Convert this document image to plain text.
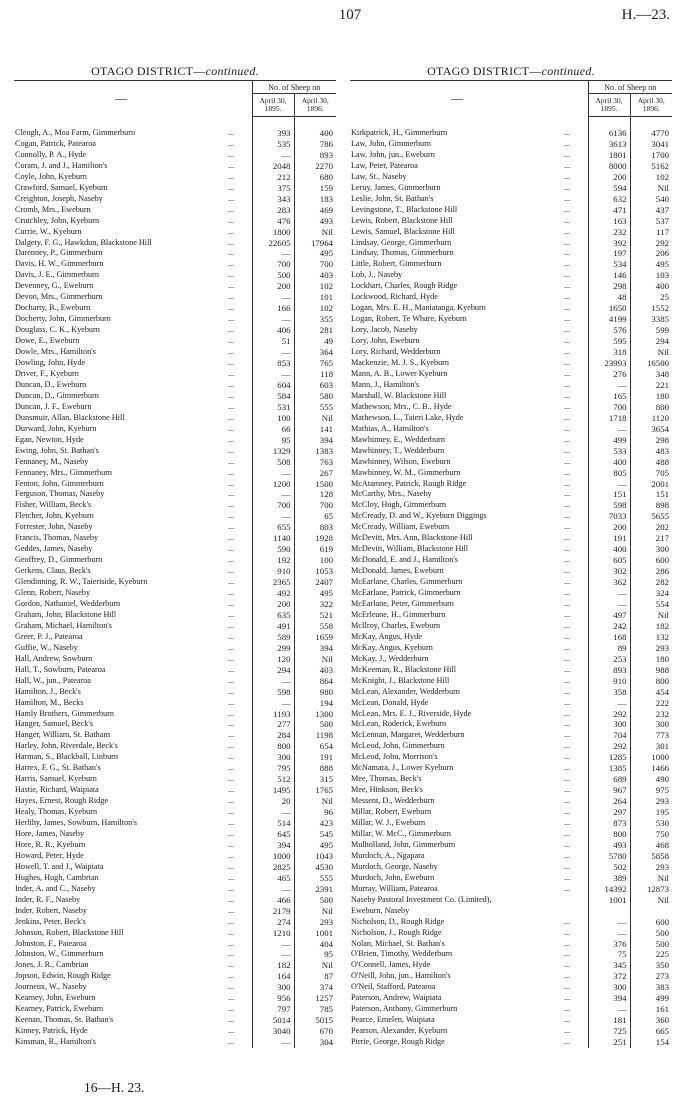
107	H.—23.
OTAGO DISTRICT—continued.
—		No. of Sheep on	
		April 30, 1895.	April 30, 1896.

Cleugh, A., Moa Farm, Gimmerburn	...	393	400
Cogan, Patrick, Patearoa	...	535	786
Connolly, P. A., Hyde	...	—	893
Coram, J. and J., Hamilton's	...	2048	2270
Coyle, John, Kyeburn	...	212	680
Crawford, Samuel, Kyeburn	...	375	159
Creighton, Joseph, Naseby	...	343	183
Cromb, Mrs., Eweburn	...	283	469
Crutchley, John, Kyeburn	...	476	493
Currie, W., Kyeburn	...	1800	Nil
Dalgety, F. G., Hawkdun, Blackstone Hill	...	22605	17964
Darenney, P., Gimmerburn	...	—	495
Davis, H. W., Gimmerburn	...	700	700
Davis, J. E., Gimmerburn	...	500	403
Devenney, G., Eweburn	...	200	102
Devon, Mrs., Gimmerburn	...	—	101
Docharty, B., Eweburn	...	166	102
Docherty, John, Gimmerburn	...	—	355
Douglass, C. K., Kyeburn	...	406	281
Dowe, E., Eweburn	...	51	49
Dowle, Mrs., Hamilton's	...	—	364
Dowling, John, Hyde	...	853	765
Driver, F., Kyeburn	...	—	118
Duncan, D., Eweburn	...	604	603
Duncan, D., Gimmerburn	...	584	580
Duncan, J. F., Eweburn	...	531	555
Dunsmuir, Allan, Blackstone Hill	...	100	Nil
Durward, John, Kyeburn	...	66	141
Egan, Newton, Hyde	...	95	394
Ewing, John, St. Bathan's	...	1329	1383
Fennaney, M., Naseby	...	508	763
Fennaney, Mrs., Gimmerburn	...	—	267
Fenton, John, Gimmerburn	...	1200	1500
Ferguson, Thomas, Naseby	...	—	128
Fisher, William, Beck's	...	700	700
Fletcher, John, Kyeburn	...	—	65
Forrester, John, Naseby	...	655	803
Francis, Thomas, Naseby	...	1140	1928
Geddes, James, Naseby	...	590	619
Geoffrey, D., Gimmerburn	...	192	100
Gerkens, Claus, Beck's	...	910	1053
Glendinning, R. W., Taieriside, Kyeburn	...	2365	2407
Glenn, Robert, Naseby	...	492	495
Gordon, Nathaniel, Wedderburn	...	200	322
Graham, John, Blackstone Hill	...	635	521
Graham, Michael, Hamilton's	...	491	558
Greer, P. J., Patearoa	...	589	1659
Guffie, W., Naseby	...	299	394
Hall, Andrew, Sowburn	...	120	Nil
Hall, T., Sowburn, Patearoa	...	294	403
Hall, W., jun., Patearoa	...	—	864
Hamilton, J., Beck's	...	598	980
Hamilton, M., Becks	...	—	194
Hamly Brothers, Gimmerburn	...	1193	1300
Hanger, Samuel, Beck's	...	277	500
Hanger, William, St. Bathans	...	284	1198
Harley, John, Riverdale, Beck's	...	800	654
Harman, S., Blackball, Linburn	...	300	191
Harrex, F. G., St. Bathan's	...	795	888
Harris, Samuel, Kyeburn	...	512	315
Hastie, Richard, Waipiata	...	1495	1765
Hayes, Ernest, Rough Ridge	...	20	Nil
Healy, Thomas, Kyeburn	...	—	96
Herlihy, James, Sowburn, Hamilton's	...	514	423
Hore, James, Naseby	...	645	545
Hore, R. R., Kyeburn	...	394	495
Howard, Peter, Hyde	...	1000	1043
Howell, T. and J., Waipiata	...	2825	4530
Hughes, Hugh, Cambrian	...	465	555
Inder, A. and C., Naseby	...	—	2391
Inder, R. F., Naseby	...	466	500
Inder, Robert, Naseby	...	2179	Nil
Jenkins, Peter, Beck's	...	274	293
Johnson, Robert, Blackstone Hill	...	1210	1001
Johnston, F., Patearoa	...	—	404
Johnston, W., Gimmerburn	...	—	95
Jones, J. R., Cambrian	...	182	Nil
Jopson, Edwin, Rough Ridge	...	164	87
Journeux, W., Naseby	...	300	374
Kearney, John, Eweburn	...	956	1257
Kearney, Patrick, Eweburn	...	797	785
Keenan, Thomas, St. Bathan's	...	5014	5015
Kinney, Patrick, Hyde	...	3040	670
Kinsman, R., Hamilton's	...	—	304
OTAGO DISTRICT—continued.
—		No. of Sheep on	
		April 30, 1895.	April 30, 1896.

Kirkpatrick, H., Gimmerburn	...	6136	4770
Law, John, Gimmerburn	...	3613	3041
Law, John, jun., Eweburn	...	1801	1700
Law, Peter, Patearoa	...	8000	5162
Law, St., Naseby	...	200	102
Leruy, James, Gimmerburn	...	594	Nil
Leslie, John, St. Bathan's	...	632	540
Levingstone, T., Blackstone Hill	...	471	437
Lewis, Robert, Blackstone Hill	...	163	537
Lewis, Samuel, Blackstone Hill	...	232	117
Lindsay, George, Gimmerburn	...	392	292
Lindsay, Thomas, Gimmerburn	...	197	206
Little, Robert, Gimmerburn	...	534	495
Lob, J., Naseby	...	146	103
Lockhart, Charles, Rough Ridge	...	298	400
Lockwood, Richard, Hyde	...	48	25
Logan, Mrs. E. H., Maniatanga, Kyeburn	...	1650	1552
Logan, Robert, Te Whare, Kyeburn	...	4199	3385
Lory, Jacob, Naseby	...	576	599
Lory, John, Eweburn	...	595	294
Lory, Richard, Wedderburn	...	318	Nil
Mackenzie, M. J. S., Kyeburn	...	23993	16500
Mann, A. B., Lower Kyeburn	...	276	348
Mann, J., Hamilton's	...	—	221
Marshall, W. Blackstone Hill	...	165	180
Mathewson, Mrs., C. B., Hyde	...	700	800
Mathewson, L., Taieri Lake, Hyde	...	1718	1120
Mathias, A., Hamilton's	...	—	3654
Mawhinney, E., Wedderburn	...	499	298
Mawhinney, T., Wedderburn	...	533	483
Mawhinney, Wilson, Eweburn	...	400	488
Mawhinney, W. M., Gimmerburn	...	805	705
McAtamney, Patrick, Rough Ridge	...	—	2001
McCarthy, Mrs., Naseby	...	151	151
McCloy, Hugh, Gimmerburn	...	598	898
McCready, D. and W., Kyeburn Diggings	...	7033	5655
McCready, William, Eweburn	...	200	202
McDevitt, Mrs. Ann, Blackstone Hill	...	191	217
McDevitt, William, Blackstone Hill	...	400	300
McDonald, E. and J., Hamilton's	...	605	600
McDonald, James, Eweburn	...	302	286
McEarlane, Charles, Gimmerburn	...	362	282
McEarlane, Patrick, Gimmerburn	...	—	324
McEarlane, Peter, Gimmerburn	...	—	554
McErleane, H., Gimmerburn	...	497	Nil
McIlroy, Charles, Eweburn	...	242	182
McKay, Angus, Hyde	...	168	132
McKay, Angus, Kyeburn	...	89	293
McKay, J., Wedderburn	...	253	180
McKeeman, R., Blackstone Hill	...	893	988
McKnight, J., Blackstone Hill	...	910	800
McLean, Alexander, Wedderburn	...	358	454
McLean, Donald, Hyde	...	—	222
McLean, Mrs. E. J., Riverside, Hyde	...	292	232
McLean, Roderick, Eweburn	...	300	300
McLennan, Margaret, Wedderburn	...	704	773
McLeod, John, Gimmerburn	...	292	301
McLeod, John, Morrison's	...	1285	1000
McNamara, J., Lower Kyeburn	...	1385	1466
Mee, Thomas, Beck's	...	689	490
Mee, Hinkson, Beck's	...	967	975
Messent, D., Wedderburn	...	264	293
Millar, Robert, Eweburn	...	297	195
Millar, W. J., Eweburn	...	873	530
Millar, W. McC., Gimmerburn	...	800	750
Mulholland, John, Gimmerburn	...	493	468
Murdoch, A., Ngapara	...	5780	5858
Murdoch, George, Naseby	...	502	293
Murdoch, John, Eweburn	...	389	Nil
Murray, William, Patearoa	...	14392	12873
Naseby Pastoral Investment Co. (Limited),		1001	Nil
Eweburn, Naseby			
Nicholson, D., Rough Ridge	...	—	600
Nicholson, J., Rough Ridge	...	—	500
Nolan, Michael, St. Bathan's	...	376	500
O'Brien, Timothy, Wedderburn	...	75	225
O'Connell, James, Hyde	...	345	350
O'Neill, John, jun., Hamilton's	...	372	273
O'Neil, Stafford, Patearoa	...	300	383
Paterson, Andrew, Waipiata	...	394	499
Paterson, Anthony, Gimmerburn	...	—	161
Pearce, Emelen, Waipiata	...	181	360
Pearson, Alexander, Kyeburn	...	725	665
Pirrie, George, Rough Ridge	...	251	154
16—H. 23.
